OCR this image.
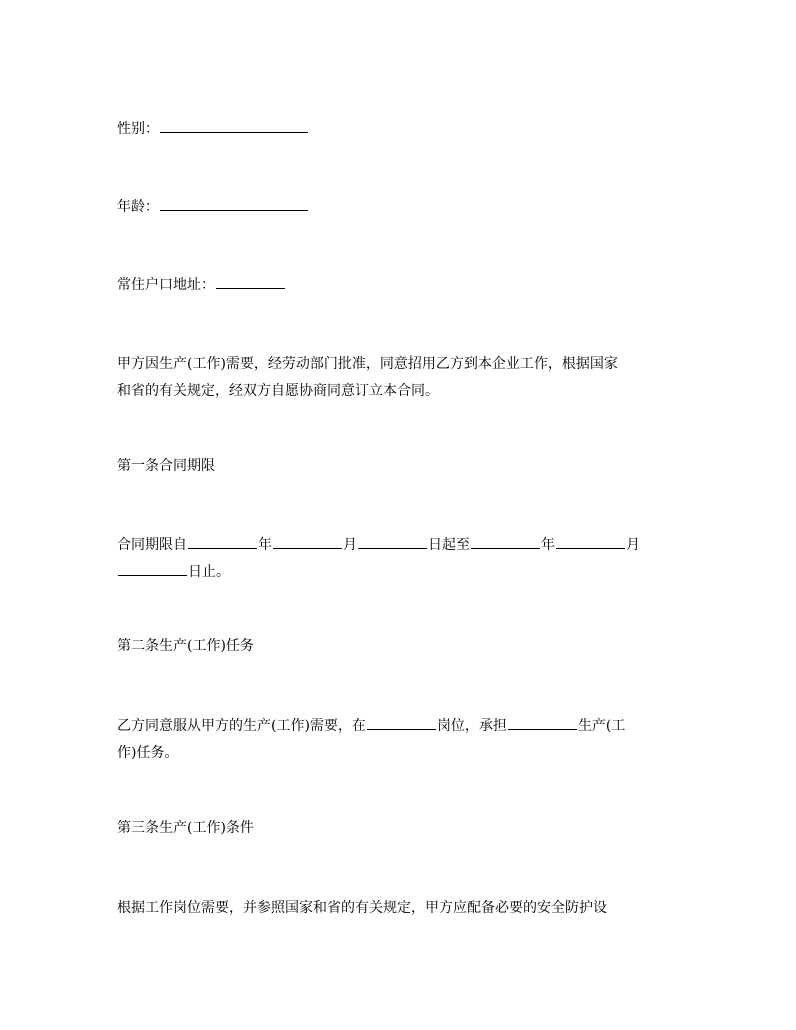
性别：
年龄：
常住户口地址：
甲方因生产(工作)需要，经劳动部门批准，同意招用乙方到本企业工作，根据国家
和省的有关规定，经双方自愿协商同意订立本合同。
第一条合同期限
合同期限自	年	月	日起至	年	月
日止。
第二条生产(工作)任务
乙方同意服从甲方的生产(工作)需要，在	岗位，承担	生产(工
作)任务。
第三条生产(工作)条件
根据工作岗位需要，并参照国家和省的有关规定，甲方应配备必要的安全防护设
